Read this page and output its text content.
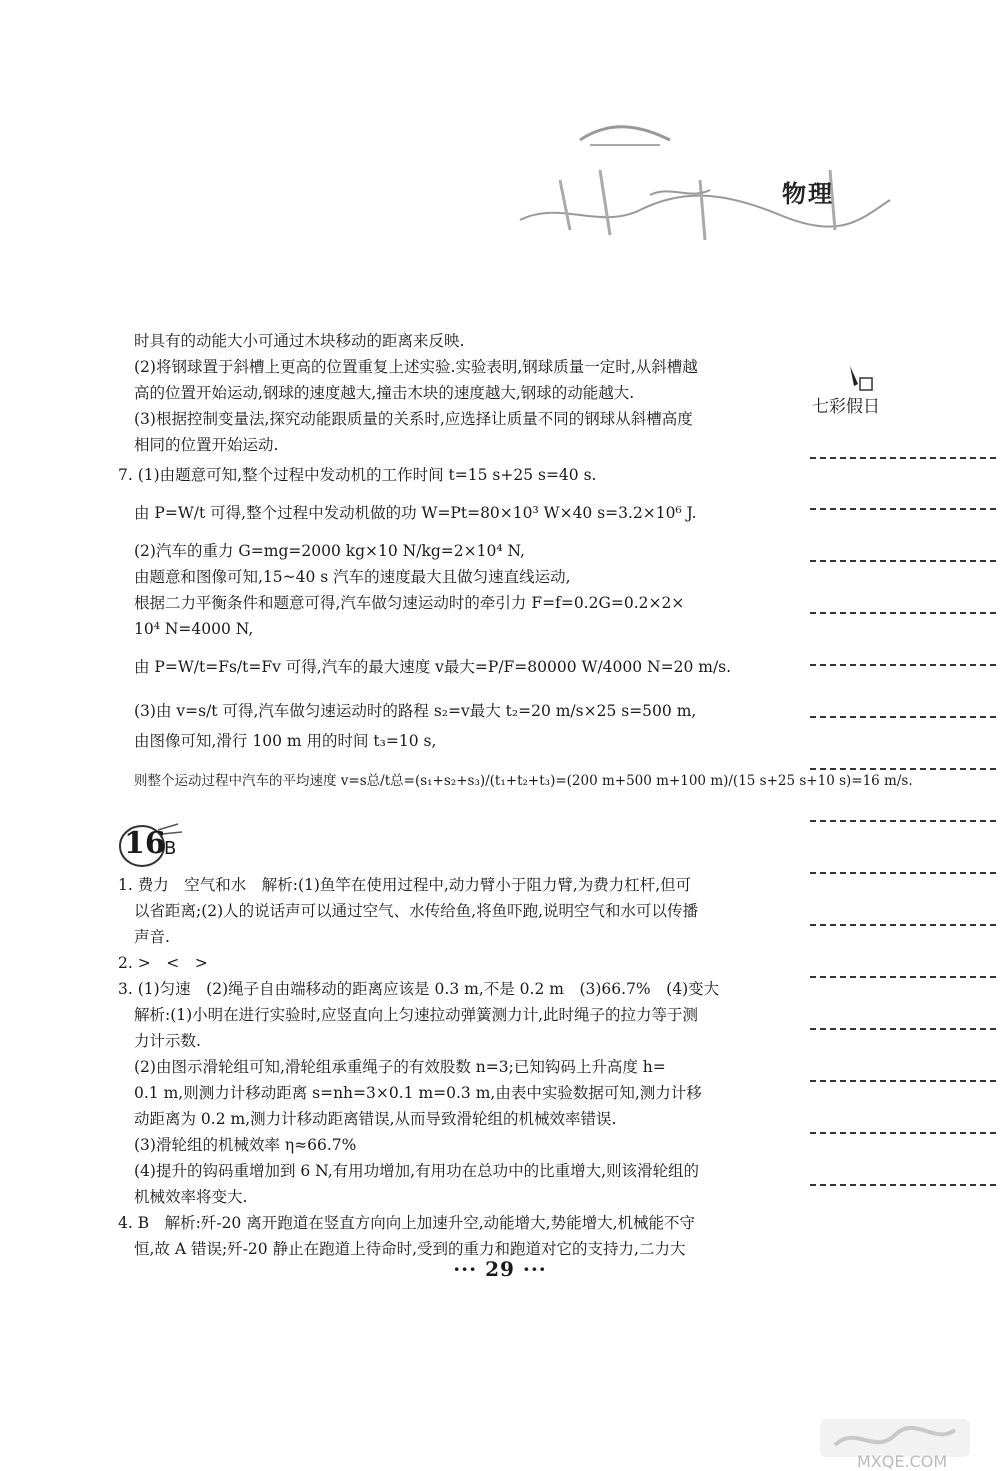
物理
七彩假日
时具有的动能大小可通过木块移动的距离来反映.
(2)将钢球置于斜槽上更高的位置重复上述实验.实验表明,钢球质量一定时,从斜槽越
高的位置开始运动,钢球的速度越大,撞击木块的速度越大,钢球的动能越大.
(3)根据控制变量法,探究动能跟质量的关系时,应选择让质量不同的钢球从斜槽高度
相同的位置开始运动.
7. (1)由题意可知,整个过程中发动机的工作时间 t=15 s+25 s=40 s.
由 P=W/t 可得,整个过程中发动机做的功 W=Pt=80×10³ W×40 s=3.2×10⁶ J.
(2)汽车的重力 G=mg=2000 kg×10 N/kg=2×10⁴ N,
由题意和图像可知,15~40 s 汽车的速度最大且做匀速直线运动,
根据二力平衡条件和题意可得,汽车做匀速运动时的牵引力 F=f=0.2G=0.2×2×
10⁴ N=4000 N,
由 P=W/t=Fs/t=Fv 可得,汽车的最大速度 v最大=P/F=80000 W/4000 N=20 m/s.
(3)由 v=s/t 可得,汽车做匀速运动时的路程 s₂=v最大 t₂=20 m/s×25 s=500 m,
由图像可知,滑行 100 m 用的时间 t₃=10 s,
则整个运动过程中汽车的平均速度 v=s总/t总=(s₁+s₂+s₃)/(t₁+t₂+t₃)=(200 m+500 m+100 m)/(15 s+25 s+10 s)=16 m/s.
16
B
1. 费力　空气和水　解析:(1)鱼竿在使用过程中,动力臂小于阻力臂,为费力杠杆,但可
以省距离;(2)人的说话声可以通过空气、水传给鱼,将鱼吓跑,说明空气和水可以传播
声音.
2. >　<　>
3. (1)匀速　(2)绳子自由端移动的距离应该是 0.3 m,不是 0.2 m　(3)66.7%　(4)变大
解析:(1)小明在进行实验时,应竖直向上匀速拉动弹簧测力计,此时绳子的拉力等于测
力计示数.
(2)由图示滑轮组可知,滑轮组承重绳子的有效股数 n=3;已知钩码上升高度 h=
0.1 m,则测力计移动距离 s=nh=3×0.1 m=0.3 m,由表中实验数据可知,测力计移
动距离为 0.2 m,测力计移动距离错误,从而导致滑轮组的机械效率错误.
(3)滑轮组的机械效率 η≈66.7%
(4)提升的钩码重增加到 6 N,有用功增加,有用功在总功中的比重增大,则该滑轮组的
机械效率将变大.
4. B　解析:歼-20 离开跑道在竖直方向向上加速升空,动能增大,势能增大,机械能不守
恒,故 A 错误;歼-20 静止在跑道上待命时,受到的重力和跑道对它的支持力,二力大
··· 29 ···
MXQE.COM
